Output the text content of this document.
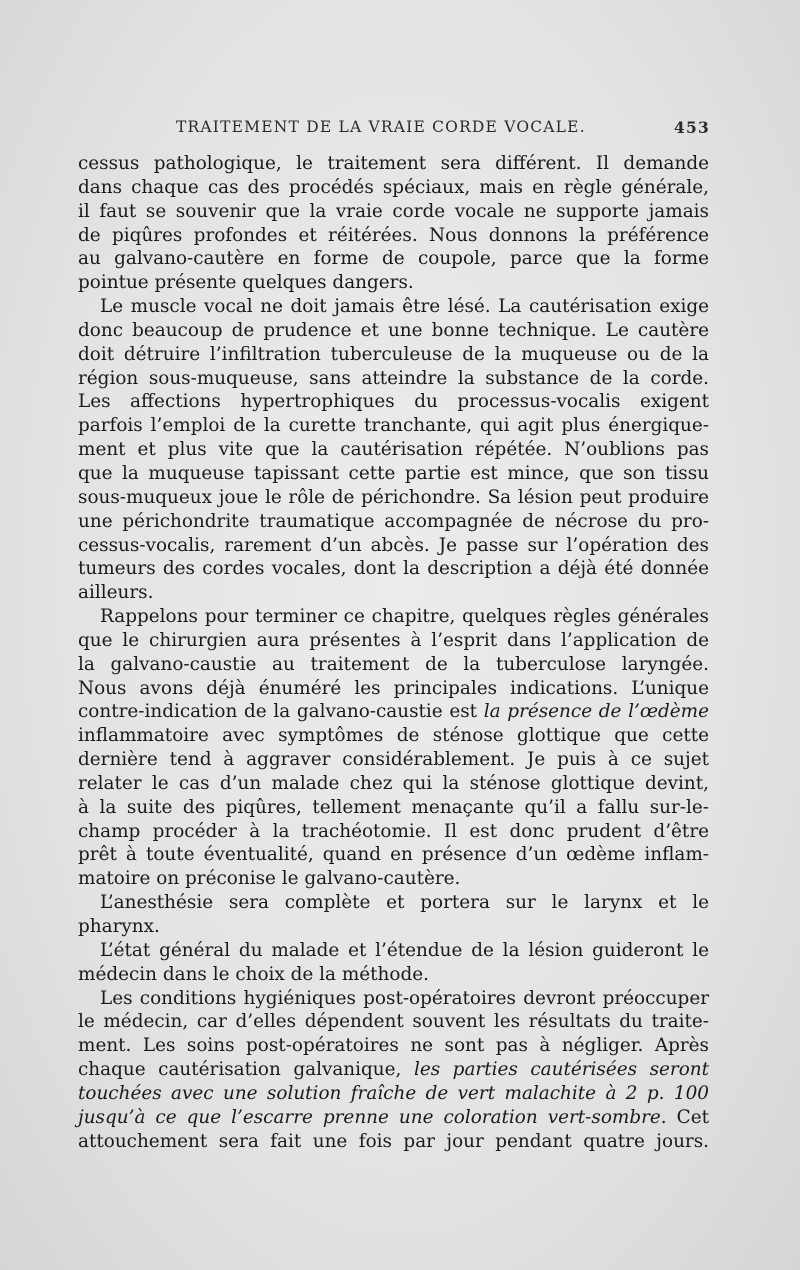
TRAITEMENT DE LA VRAIE CORDE VOCALE.	453
cessus pathologique, le traitement sera différent. Il demande
dans chaque cas des procédés spéciaux, mais en règle générale,
il faut se souvenir que la vraie corde vocale ne supporte jamais
de piqûres profondes et réitérées. Nous donnons la préférence
au galvano-cautère en forme de coupole, parce que la forme
pointue présente quelques dangers.
Le muscle vocal ne doit jamais être lésé. La cautérisation exige
donc beaucoup de prudence et une bonne technique. Le cautère
doit détruire l’infiltration tuberculeuse de la muqueuse ou de la
région sous-muqueuse, sans atteindre la substance de la corde.
Les affections hypertrophiques du processus-vocalis exigent
parfois l’emploi de la curette tranchante, qui agit plus énergique-
ment et plus vite que la cautérisation répétée. N’oublions pas
que la muqueuse tapissant cette partie est mince, que son tissu
sous-muqueux joue le rôle de périchondre. Sa lésion peut produire
une périchondrite traumatique accompagnée de nécrose du pro-
cessus-vocalis, rarement d’un abcès. Je passe sur l’opération des
tumeurs des cordes vocales, dont la description a déjà été donnée
ailleurs.
Rappelons pour terminer ce chapitre, quelques règles générales
que le chirurgien aura présentes à l’esprit dans l’application de
la galvano-caustie au traitement de la tuberculose laryngée.
Nous avons déjà énuméré les principales indications. L’unique
contre-indication de la galvano-caustie est la présence de l’œdème
inflammatoire avec symptômes de sténose glottique que cette
dernière tend à aggraver considérablement. Je puis à ce sujet
relater le cas d’un malade chez qui la sténose glottique devint,
à la suite des piqûres, tellement menaçante qu’il a fallu sur-le-
champ procéder à la trachéotomie. Il est donc prudent d’être
prêt à toute éventualité, quand en présence d’un œdème inflam-
matoire on préconise le galvano-cautère.
L’anesthésie sera complète et portera sur le larynx et le
pharynx.
L’état général du malade et l’étendue de la lésion guideront le
médecin dans le choix de la méthode.
Les conditions hygiéniques post-opératoires devront préoccuper
le médecin, car d’elles dépendent souvent les résultats du traite-
ment. Les soins post-opératoires ne sont pas à négliger. Après
chaque cautérisation galvanique, les parties cautérisées seront
touchées avec une solution fraîche de vert malachite à 2 p. 100
jusqu’à ce que l’escarre prenne une coloration vert-sombre. Cet
attouchement sera fait une fois par jour pendant quatre jours.
